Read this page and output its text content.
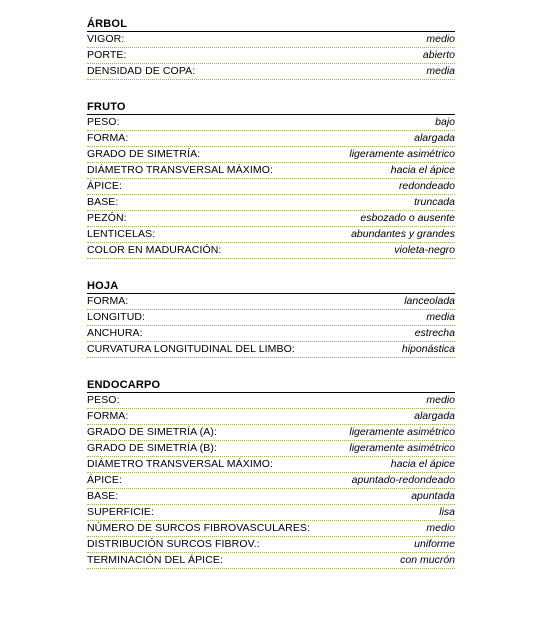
ÁRBOL
VIGOR:	medio
PORTE:	abierto
DENSIDAD DE COPA:	media
FRUTO
PESO:	bajo
FORMA:	alargada
GRADO DE SIMETRÍA:	ligeramente asimétrico
DIÁMETRO TRANSVERSAL MÁXIMO:	hacia el ápice
ÁPICE:	redondeado
BASE:	truncada
PEZÓN:	esbozado o ausente
LENTICELAS:	abundantes y grandes
COLOR EN MADURACIÓN:	violeta-negro
HOJA
FORMA:	lanceolada
LONGITUD:	media
ANCHURA:	estrecha
CURVATURA LONGITUDINAL DEL LIMBO:	hiponástica
ENDOCARPO
PESO:	medio
FORMA:	alargada
GRADO DE SIMETRÍA (A):	ligeramente asimétrico
GRADO DE SIMETRÍA (B):	ligeramente asimétrico
DIÁMETRO TRANSVERSAL MÁXIMO:	hacia el ápice
ÁPICE:	apuntado-redondeado
BASE:	apuntada
SUPERFICIE:	lisa
NÚMERO DE SURCOS FIBROVASCULARES:	medio
DISTRIBUCIÓN SURCOS FIBROV.:	uniforme
TERMINACIÓN DEL ÁPICE:	con mucrón
